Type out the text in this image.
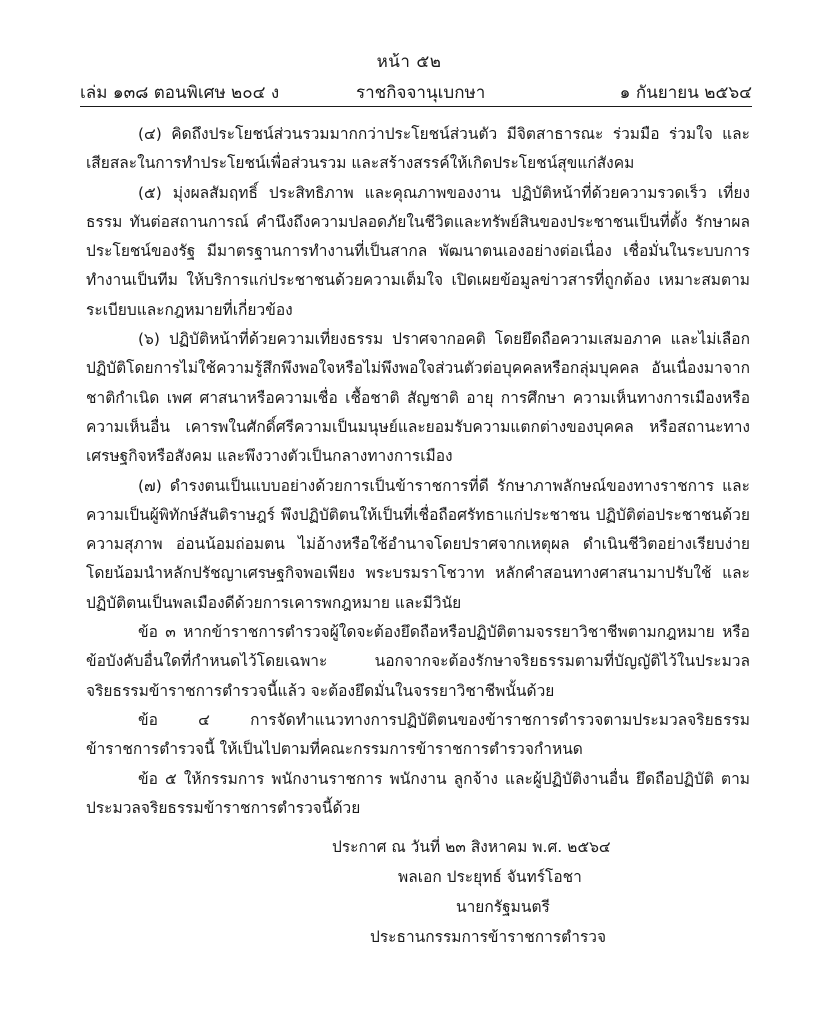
หน้า ๕๒
เล่ม ๑๓๘ ตอนพิเศษ ๒๐๔ ง	ราชกิจจานุเบกษา	๑ กันยายน ๒๕๖๔

(๔) คิดถึงประโยชน์ส่วนรวมมากกว่าประโยชน์ส่วนตัว มีจิตสาธารณะ ร่วมมือ ร่วมใจ และเสียสละในการทำประโยชน์เพื่อส่วนรวม และสร้างสรรค์ให้เกิดประโยชน์สุขแก่สังคม

(๕) มุ่งผลสัมฤทธิ์ ประสิทธิภาพ และคุณภาพของงาน ปฏิบัติหน้าที่ด้วยความรวดเร็ว เที่ยงธรรม ทันต่อสถานการณ์ คำนึงถึงความปลอดภัยในชีวิตและทรัพย์สินของประชาชนเป็นที่ตั้ง รักษาผลประโยชน์ของรัฐ มีมาตรฐานการทำงานที่เป็นสากล พัฒนาตนเองอย่างต่อเนื่อง เชื่อมั่นในระบบการทำงานเป็นทีม ให้บริการแก่ประชาชนด้วยความเต็มใจ เปิดเผยข้อมูลข่าวสารที่ถูกต้อง เหมาะสมตามระเบียบและกฎหมายที่เกี่ยวข้อง

(๖) ปฏิบัติหน้าที่ด้วยความเที่ยงธรรม ปราศจากอคติ โดยยึดถือความเสมอภาค และไม่เลือกปฏิบัติโดยการไม่ใช้ความรู้สึกพึงพอใจหรือไม่พึงพอใจส่วนตัวต่อบุคคลหรือกลุ่มบุคคล อันเนื่องมาจากชาติกำเนิด เพศ ศาสนาหรือความเชื่อ เชื้อชาติ สัญชาติ อายุ การศึกษา ความเห็นทางการเมืองหรือความเห็นอื่น เคารพในศักดิ์ศรีความเป็นมนุษย์และยอมรับความแตกต่างของบุคคล หรือสถานะทางเศรษฐกิจหรือสังคม และพึงวางตัวเป็นกลางทางการเมือง

(๗) ดำรงตนเป็นแบบอย่างด้วยการเป็นข้าราชการที่ดี รักษาภาพลักษณ์ของทางราชการ และความเป็นผู้พิทักษ์สันติราษฎร์ พึงปฏิบัติตนให้เป็นที่เชื่อถือศรัทธาแก่ประชาชน ปฏิบัติต่อประชาชนด้วยความสุภาพ อ่อนน้อมถ่อมตน ไม่อ้างหรือใช้อำนาจโดยปราศจากเหตุผล ดำเนินชีวิตอย่างเรียบง่ายโดยน้อมนำหลักปรัชญาเศรษฐกิจพอเพียง พระบรมราโชวาท หลักคำสอนทางศาสนามาปรับใช้ และปฏิบัติตนเป็นพลเมืองดีด้วยการเคารพกฎหมาย และมีวินัย

ข้อ ๓ หากข้าราชการตำรวจผู้ใดจะต้องยึดถือหรือปฏิบัติตามจรรยาวิชาชีพตามกฎหมาย หรือข้อบังคับอื่นใดที่กำหนดไว้โดยเฉพาะ นอกจากจะต้องรักษาจริยธรรมตามที่บัญญัติไว้ในประมวลจริยธรรมข้าราชการตำรวจนี้แล้ว จะต้องยึดมั่นในจรรยาวิชาชีพนั้นด้วย

ข้อ ๔ การจัดทำแนวทางการปฏิบัติตนของข้าราชการตำรวจตามประมวลจริยธรรม ข้าราชการตำรวจนี้ ให้เป็นไปตามที่คณะกรรมการข้าราชการตำรวจกำหนด

ข้อ ๕ ให้กรรมการ พนักงานราชการ พนักงาน ลูกจ้าง และผู้ปฏิบัติงานอื่น ยึดถือปฏิบัติ ตามประมวลจริยธรรมข้าราชการตำรวจนี้ด้วย

ประกาศ ณ วันที่ ๒๓ สิงหาคม พ.ศ. ๒๕๖๔
พลเอก ประยุทธ์ จันทร์โอชา
นายกรัฐมนตรี
ประธานกรรมการข้าราชการตำรวจ
